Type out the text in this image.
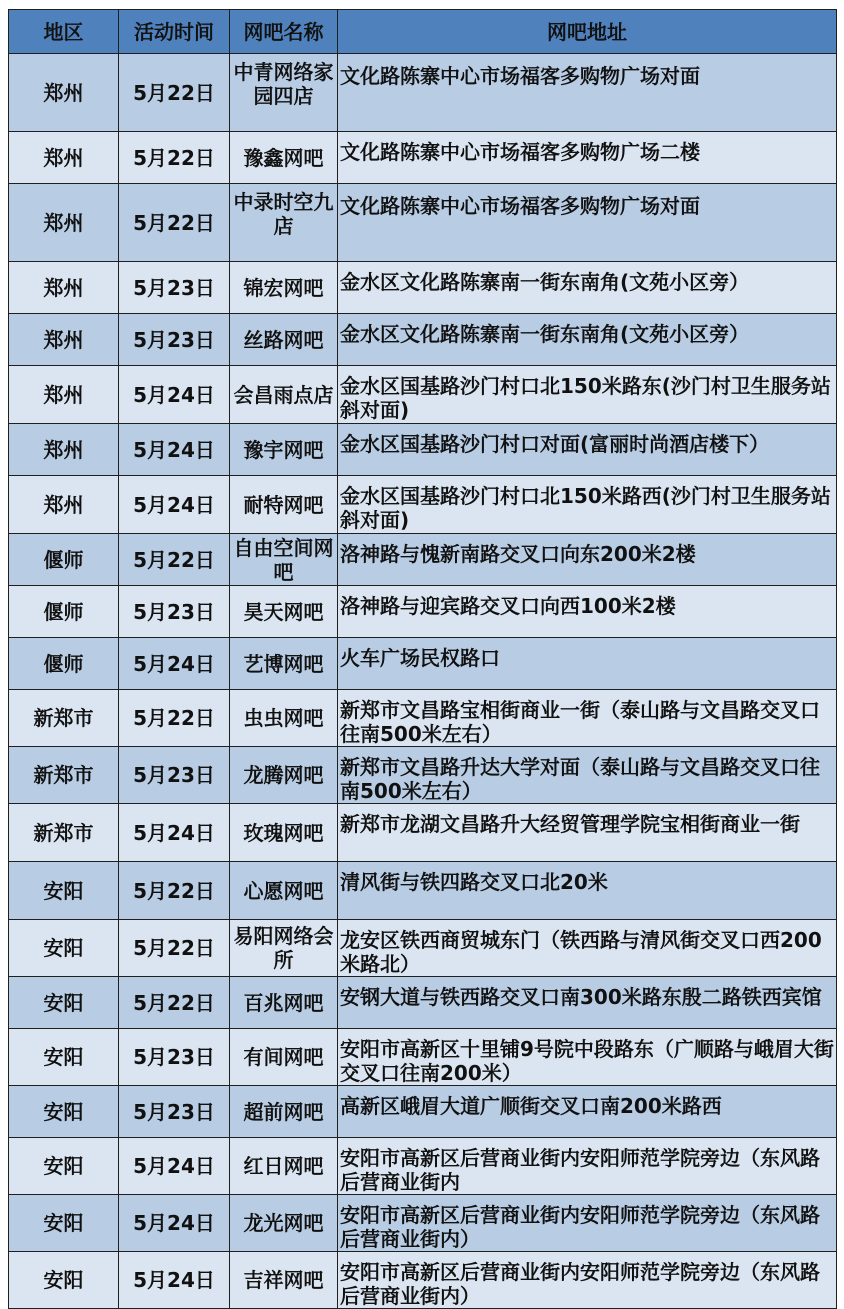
地区	活动时间	网吧名称	网吧地址
郑州	5月22日	中青网络家园四店	文化路陈寨中心市场福客多购物广场对面
郑州	5月22日	豫鑫网吧	文化路陈寨中心市场福客多购物广场二楼
郑州	5月22日	中录时空九店	文化路陈寨中心市场福客多购物广场对面
郑州	5月23日	锦宏网吧	金水区文化路陈寨南一街东南角(文苑小区旁）
郑州	5月23日	丝路网吧	金水区文化路陈寨南一街东南角(文苑小区旁）
郑州	5月24日	会昌雨点店	金水区国基路沙门村口北150米路东(沙门村卫生服务站斜对面)
郑州	5月24日	豫宇网吧	金水区国基路沙门村口对面(富丽时尚酒店楼下）
郑州	5月24日	耐特网吧	金水区国基路沙门村口北150米路西(沙门村卫生服务站斜对面)
偃师	5月22日	自由空间网吧	洛神路与愧新南路交叉口向东200米2楼
偃师	5月23日	昊天网吧	洛神路与迎宾路交叉口向西100米2楼
偃师	5月24日	艺博网吧	火车广场民权路口
新郑市	5月22日	虫虫网吧	新郑市文昌路宝相街商业一街（泰山路与文昌路交叉口往南500米左右）
新郑市	5月23日	龙腾网吧	新郑市文昌路升达大学对面（泰山路与文昌路交叉口往南500米左右）
新郑市	5月24日	玫瑰网吧	新郑市龙湖文昌路升大经贸管理学院宝相街商业一街
安阳	5月22日	心愿网吧	清风街与铁四路交叉口北20米
安阳	5月22日	易阳网络会所	龙安区铁西商贸城东门（铁西路与清风街交叉口西200米路北）
安阳	5月22日	百兆网吧	安钢大道与铁西路交叉口南300米路东殷二路铁西宾馆
安阳	5月23日	有间网吧	安阳市高新区十里铺9号院中段路东（广顺路与峨眉大街交叉口往南200米）
安阳	5月23日	超前网吧	高新区峨眉大道广顺街交叉口南200米路西
安阳	5月24日	红日网吧	安阳市高新区后营商业街内安阳师范学院旁边（东风路后营商业街内
安阳	5月24日	龙光网吧	安阳市高新区后营商业街内安阳师范学院旁边（东风路后营商业街内）
安阳	5月24日	吉祥网吧	安阳市高新区后营商业街内安阳师范学院旁边（东风路后营商业街内）
